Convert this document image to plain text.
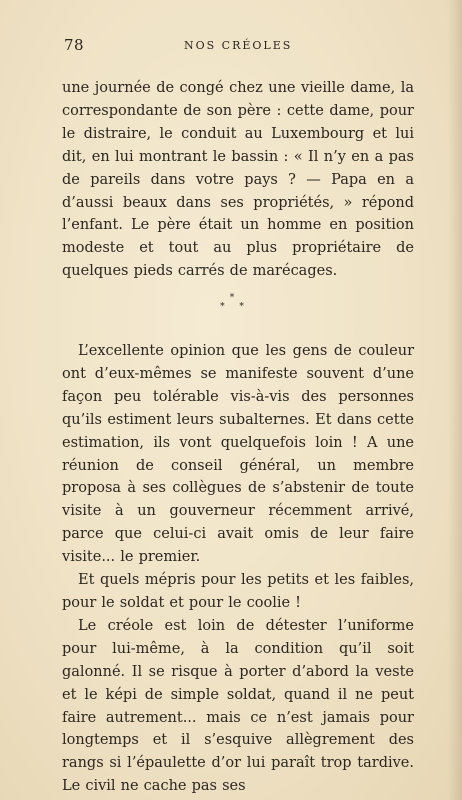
78	NOS CRÉOLES

une journée de congé chez une vieille dame, la correspondante de son père : cette dame, pour le distraire, le conduit au Luxembourg et lui dit, en lui montrant le bassin : « Il n’y en a pas de pareils dans votre pays ? — Papa en a d’aussi beaux dans ses propriétés, » répond l’enfant. Le père était un homme en position modeste et tout au plus propriétaire de quelques pieds carrés de marécages.

*
* *

L’excellente opinion que les gens de couleur ont d’eux-mêmes se manifeste souvent d’une façon peu tolérable vis-à-vis des personnes qu’ils estiment leurs subalternes. Et dans cette estimation, ils vont quelquefois loin ! A une réunion de conseil général, un membre proposa à ses collègues de s’abstenir de toute visite à un gouverneur récemment arrivé, parce que celui-ci avait omis de leur faire visite... le premier.

Et quels mépris pour les petits et les faibles, pour le soldat et pour le coolie !

Le créole est loin de détester l’uniforme pour lui-même, à la condition qu’il soit galonné. Il se risque à porter d’abord la veste et le képi de simple soldat, quand il ne peut faire autrement... mais ce n’est jamais pour longtemps et il s’esquive allègrement des rangs si l’épaulette d’or lui paraît trop tardive. Le civil ne cache pas ses
